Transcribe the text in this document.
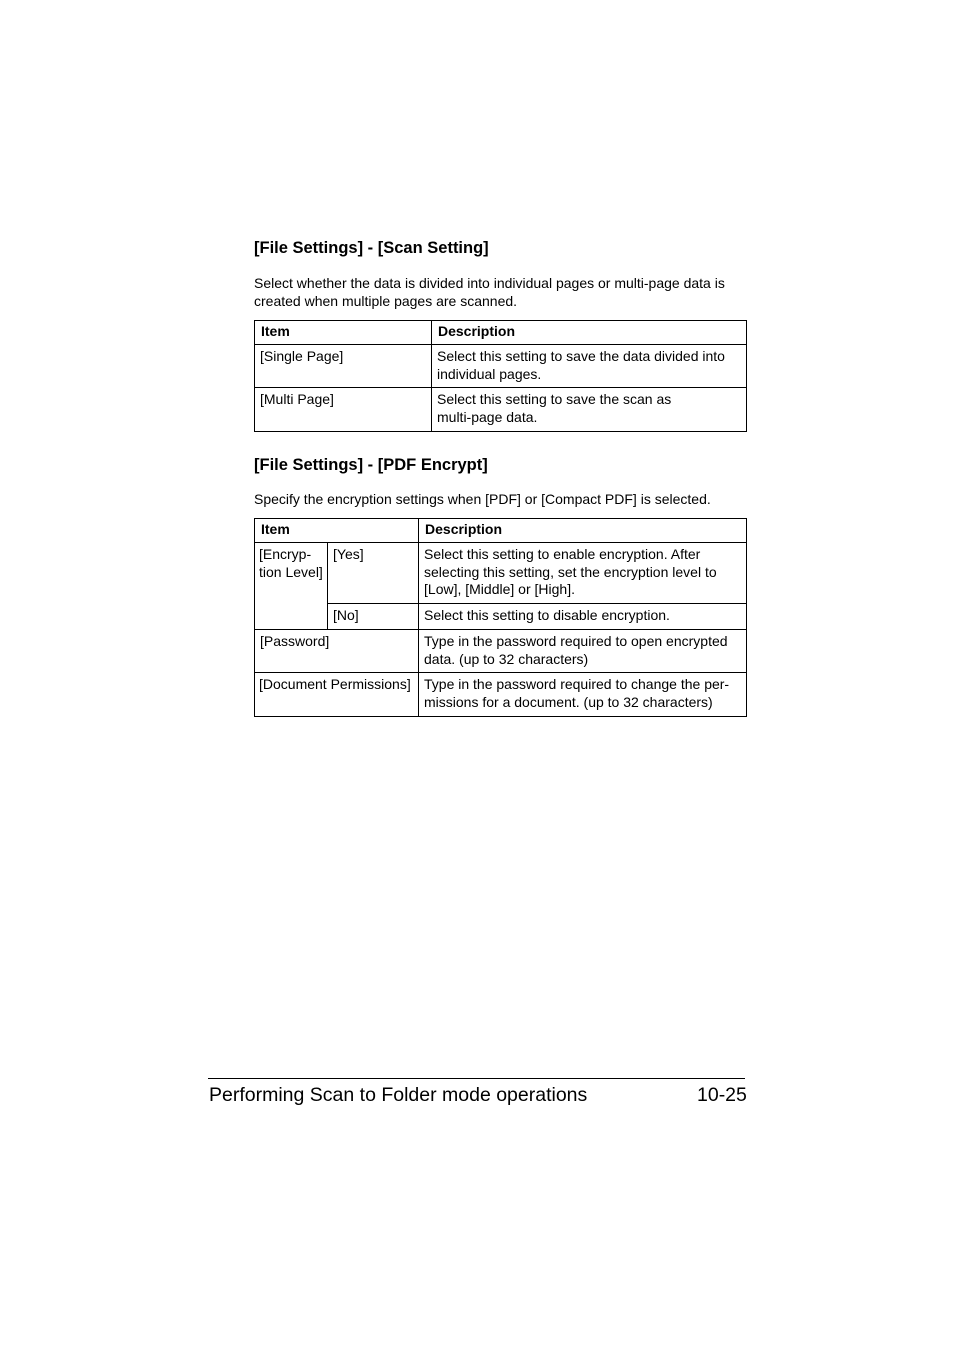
[File Settings] - [Scan Setting]

Select whether the data is divided into individual pages or multi-page data is created when multiple pages are scanned.

Item	Description
[Single Page]	Select this setting to save the data divided into individual pages.
[Multi Page]	Select this setting to save the scan as multi-page data.
[File Settings] - [PDF Encrypt]

Specify the encryption settings when [PDF] or [Compact PDF] is selected.

Item		Description

[Encryp-tion Level]	[Yes]	Select this setting to enable encryption. After selecting this setting, set the encryption level to [Low], [Middle] or [High].
	[No]	Select this setting to disable encryption.
[Password]		Type in the password required to open encrypted data. (up to 32 characters)
[Document Permissions]		Type in the password required to change the per-missions for a document. (up to 32 characters)
Performing Scan to Folder mode operations	10-25
